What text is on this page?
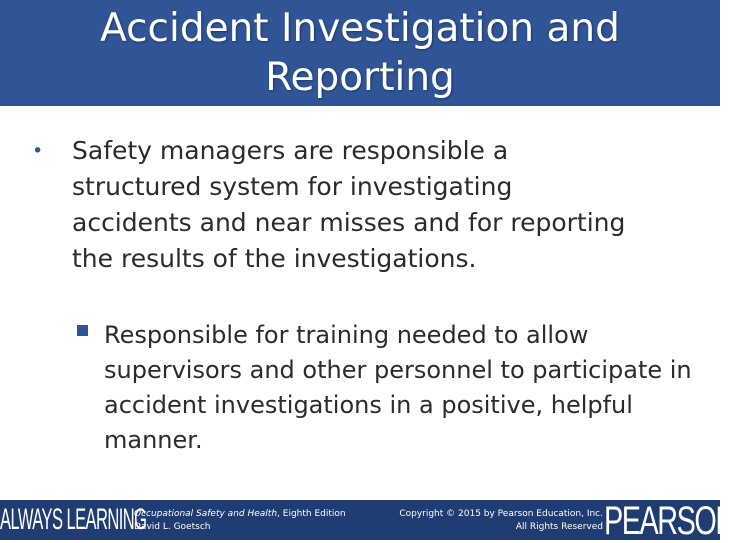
Accident Investigation and Reporting
• Safety managers are responsible a structured system for investigating accidents and near misses and for reporting the results of the investigations.
Responsible for training needed to allow supervisors and other personnel to participate in accident investigations in a positive, helpful manner.
ALWAYS LEARNING
Occupational Safety and Health, Eighth Edition
David L. Goetsch
Copyright © 2015 by Pearson Education, Inc.
All Rights Reserved PEARSON
